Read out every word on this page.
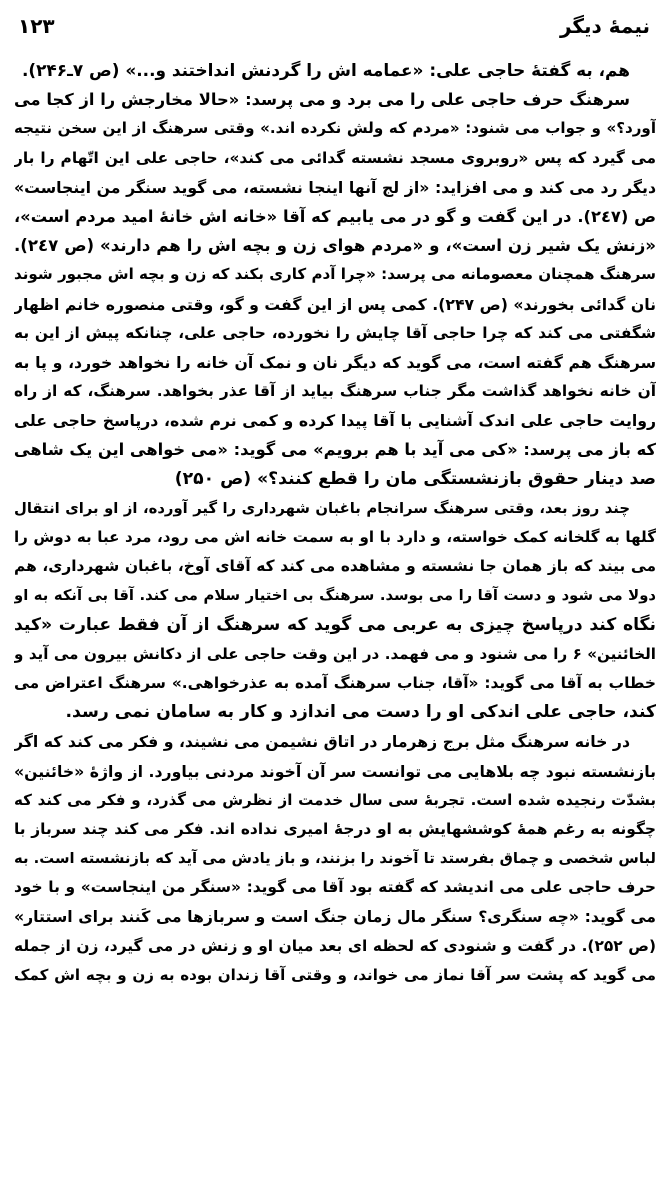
۱۲۳	نیمهٔ دیگر
هم، به گفتهٔ حاجی علی: «عمامه اش را گردنش انداختند و...» (ص ۷ـ۲۴۶).
سرهنگ حرف حاجی علی را می برد و می پرسد: «حالا مخارجش را از کجا می
آورد؟» و جواب می شنود: «مردم که ولش نکرده اند.» وقتی سرهنگ از این سخن نتیجه
می گیرد که پس «روبروی مسجد نشسته گدائی می کند»، حاجی علی این اتّهام را بار
دیگر رد می کند و می افزاید: «از لج آنها اینجا نشسته، می گوید سنگر من اینجاست»
ص (۲٤۷). در این گفت و گو در می یابیم که آقا «خانه اش خانهٔ امید مردم است»،
«زنش یک شیر زن است»، و «مردم هوای زن و بچه اش را هم دارند» (ص ۲٤۷).
سرهنگ همچنان معصومانه می پرسد: «چرا آدم کاری بکند که زن و بچه اش مجبور شوند
نان گدائی بخورند» (ص ۲۴۷). کمی پس از این گفت و گو، وقتی منصوره خانم اظهار
شگفتی می کند که چرا حاجی آقا چایش را نخورده، حاجی علی، چنانکه پیش از این به
سرهنگ هم گفته است، می گوید که دیگر نان و نمک آن خانه را نخواهد خورد، و پا به
آن خانه نخواهد گذاشت مگر جناب سرهنگ بیاید از آقا عذر بخواهد. سرهنگ، که از راه
روایت حاجی علی اندک آشنایی با آقا پیدا کرده و کمی نرم شده، درپاسخ حاجی علی
که باز می پرسد: «کی می آید با هم برویم» می گوید: «می خواهی این یک شاهی
صد دینار حقوق بازنشستگی مان را قطع کنند؟» (ص ۲۵۰)
چند روز بعد، وقتی سرهنگ سرانجام باغبان شهرداری را گیر آورده، از او برای انتقال
گلها به گلخانه کمک خواسته، و دارد با او به سمت خانه اش می رود، مرد عبا به دوش را
می بیند که باز همان جا نشسته و مشاهده می کند که آقای آوخ، باغبان شهرداری، هم
دولا می شود و دست آقا را می بوسد. سرهنگ بی اختیار سلام می کند. آقا بی آنکه به او
نگاه کند درپاسخ چیزی به عربی می گوید که سرهنگ از آن فقط عبارت «کید
الخائنین» ۶ را می شنود و می فهمد. در این وقت حاجی علی از دکانش بیرون می آید و
خطاب به آقا می گوید: «آقا، جناب سرهنگ آمده به عذرخواهی.» سرهنگ اعتراض می
کند، حاجی علی اندکی او را دست می اندازد و کار به سامان نمی رسد.
در خانه سرهنگ مثل برج زهرمار در اتاق نشیمن می نشیند، و فکر می کند که اگر
بازنشسته نبود چه بلاهایی می توانست سر آن آخوند مردنی بیاورد. از واژهٔ «خائنین»
بشدّت رنجیده شده است. تجربهٔ سی سال خدمت از نظرش می گذرد، و فکر می کند که
چگونه به رغم همهٔ کوششهایش به او درجهٔ امیری نداده اند. فکر می کند چند سرباز با
لباس شخصی و چماق بفرستد تا آخوند را بزنند، و باز یادش می آید که بازنشسته است. به
حرف حاجی علی می اندیشد که گفته بود آقا می گوید: «سنگر من اینجاست» و با خود
می گوید: «چه سنگری؟ سنگر مال زمان جنگ است و سربازها می کَنند برای استتار»
(ص ۲۵۲). در گفت و شنودی که لحظه ای بعد میان او و زنش در می گیرد، زن از جمله
می گوید که پشت سر آقا نماز می خواند، و وقتی آقا زندان بوده به زن و بچه اش کمک
